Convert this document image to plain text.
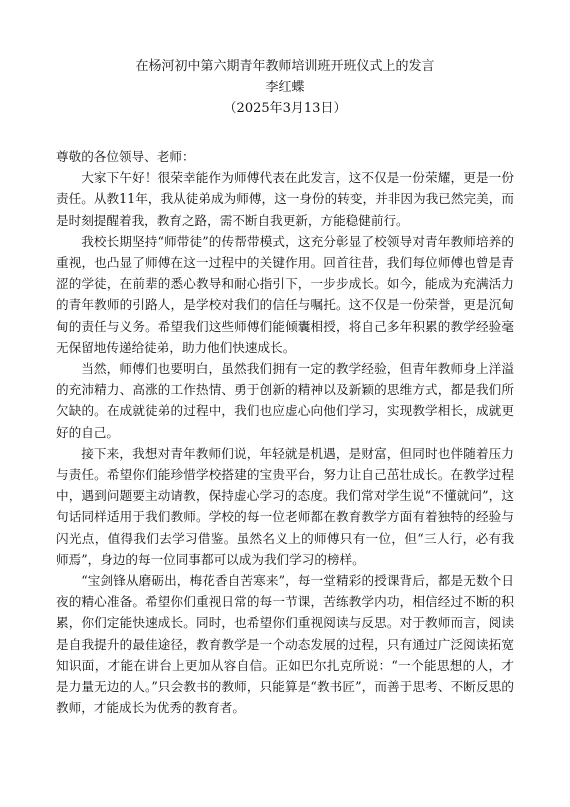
在杨河初中第六期青年教师培训班开班仪式上的发言
李红蝶
（2025年3月13日）

尊敬的各位领导、老师：

大家下午好！很荣幸能作为师傅代表在此发言，这不仅是一份荣耀，更是一份责任。从教11年，我从徒弟成为师傅，这一身份的转变，并非因为我已然完美，而是时刻提醒着我，教育之路，需不断自我更新，方能稳健前行。

我校长期坚持“师带徒”的传帮带模式，这充分彰显了校领导对青年教师培养的重视，也凸显了师傅在这一过程中的关键作用。回首往昔，我们每位师傅也曾是青涩的学徒，在前辈的悉心教导和耐心指引下，一步步成长。如今，能成为充满活力的青年教师的引路人，是学校对我们的信任与嘱托。这不仅是一份荣誉，更是沉甸甸的责任与义务。希望我们这些师傅们能倾囊相授，将自己多年积累的教学经验毫无保留地传递给徒弟，助力他们快速成长。

当然，师傅们也要明白，虽然我们拥有一定的教学经验，但青年教师身上洋溢的充沛精力、高涨的工作热情、勇于创新的精神以及新颖的思维方式，都是我们所欠缺的。在成就徒弟的过程中，我们也应虚心向他们学习，实现教学相长，成就更好的自己。

接下来，我想对青年教师们说，年轻就是机遇，是财富，但同时也伴随着压力与责任。希望你们能珍惜学校搭建的宝贵平台，努力让自己茁壮成长。在教学过程中，遇到问题要主动请教，保持虚心学习的态度。我们常对学生说“不懂就问”，这句话同样适用于我们教师。学校的每一位老师都在教育教学方面有着独特的经验与闪光点，值得我们去学习借鉴。虽然名义上的师傅只有一位，但“三人行，必有我师焉”，身边的每一位同事都可以成为我们学习的榜样。

“宝剑锋从磨砺出，梅花香自苦寒来”，每一堂精彩的授课背后，都是无数个日夜的精心准备。希望你们重视日常的每一节课，苦练教学内功，相信经过不断的积累，你们定能快速成长。同时，也希望你们重视阅读与反思。对于教师而言，阅读是自我提升的最佳途径，教育教学是一个动态发展的过程，只有通过广泛阅读拓宽知识面，才能在讲台上更加从容自信。正如巴尔扎克所说：“一个能思想的人，才是力量无边的人。”只会教书的教师，只能算是“教书匠”，而善于思考、不断反思的教师，才能成长为优秀的教育者。
